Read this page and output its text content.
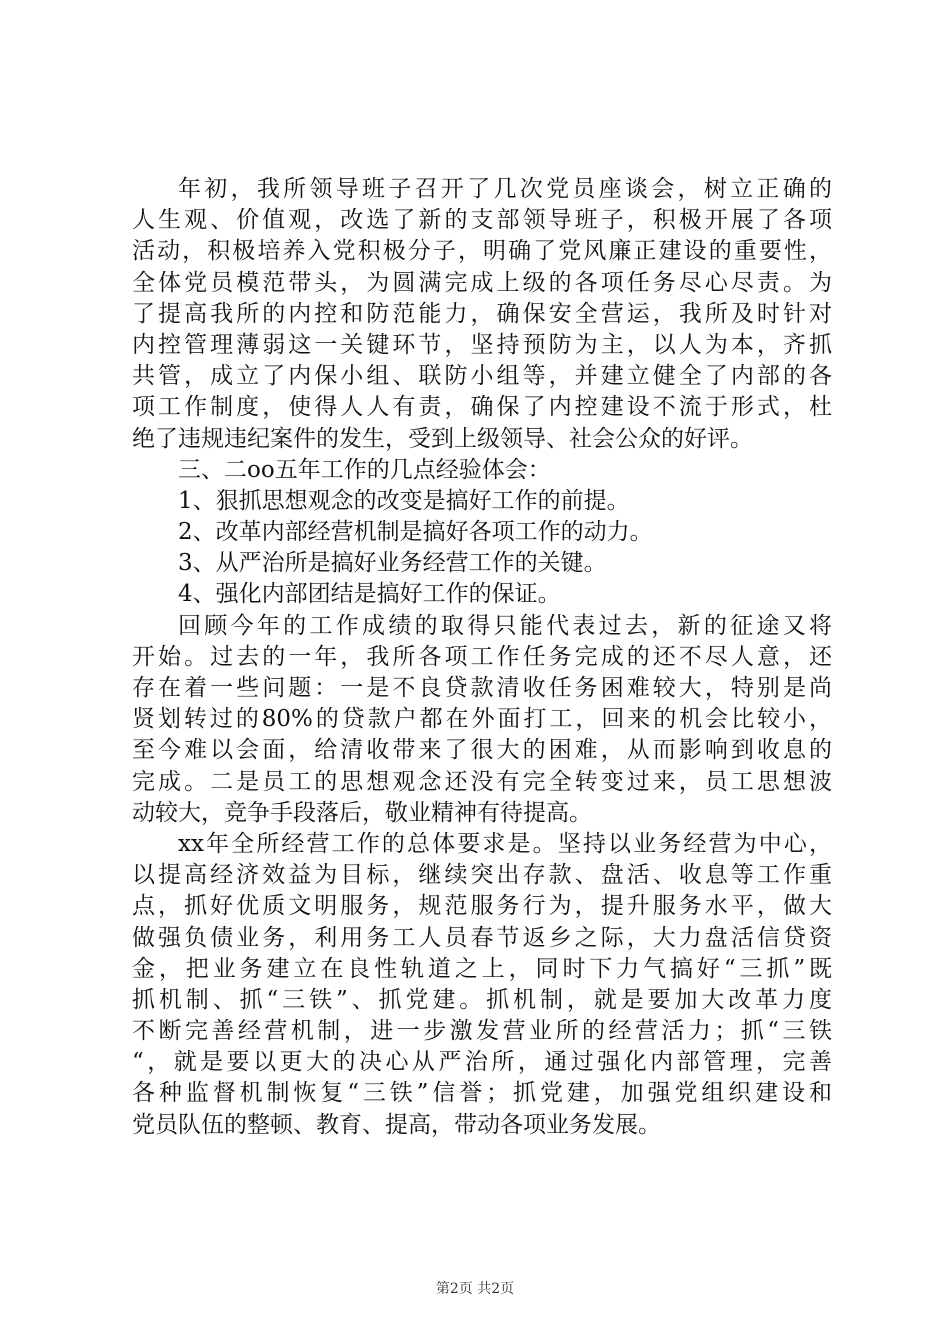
年初，我所领导班子召开了几次党员座谈会，树立正确的
人生观、价值观，改选了新的支部领导班子，积极开展了各项
活动，积极培养入党积极分子，明确了党风廉正建设的重要性，
全体党员模范带头，为圆满完成上级的各项任务尽心尽责。为
了提高我所的内控和防范能力，确保安全营运，我所及时针对
内控管理薄弱这一关键环节，坚持预防为主，以人为本，齐抓
共管，成立了内保小组、联防小组等，并建立健全了内部的各
项工作制度，使得人人有责，确保了内控建设不流于形式，杜
绝了违规违纪案件的发生，受到上级领导、社会公众的好评。
三、二oo五年工作的几点经验体会：
1、狠抓思想观念的改变是搞好工作的前提。
2、改革内部经营机制是搞好各项工作的动力。
3、从严治所是搞好业务经营工作的关键。
4、强化内部团结是搞好工作的保证。
回顾今年的工作成绩的取得只能代表过去，新的征途又将
开始。过去的一年，我所各项工作任务完成的还不尽人意，还
存在着一些问题：一是不良贷款清收任务困难较大，特别是尚
贤划转过的80%的贷款户都在外面打工，回来的机会比较小，
至今难以会面，给清收带来了很大的困难，从而影响到收息的
完成。二是员工的思想观念还没有完全转变过来，员工思想波
动较大，竞争手段落后，敬业精神有待提高。
xx年全所经营工作的总体要求是。坚持以业务经营为中心，
以提高经济效益为目标，继续突出存款、盘活、收息等工作重
点，抓好优质文明服务，规范服务行为，提升服务水平，做大
做强负债业务，利用务工人员春节返乡之际，大力盘活信贷资
金，把业务建立在良性轨道之上，同时下力气搞好“三抓”既
抓机制、抓“三铁”、抓党建。抓机制，就是要加大改革力度
不断完善经营机制，进一步激发营业所的经营活力；抓“三铁
“，就是要以更大的决心从严治所，通过强化内部管理，完善
各种监督机制恢复“三铁”信誉；抓党建，加强党组织建设和
党员队伍的整顿、教育、提高，带动各项业务发展。
第2页 共2页
